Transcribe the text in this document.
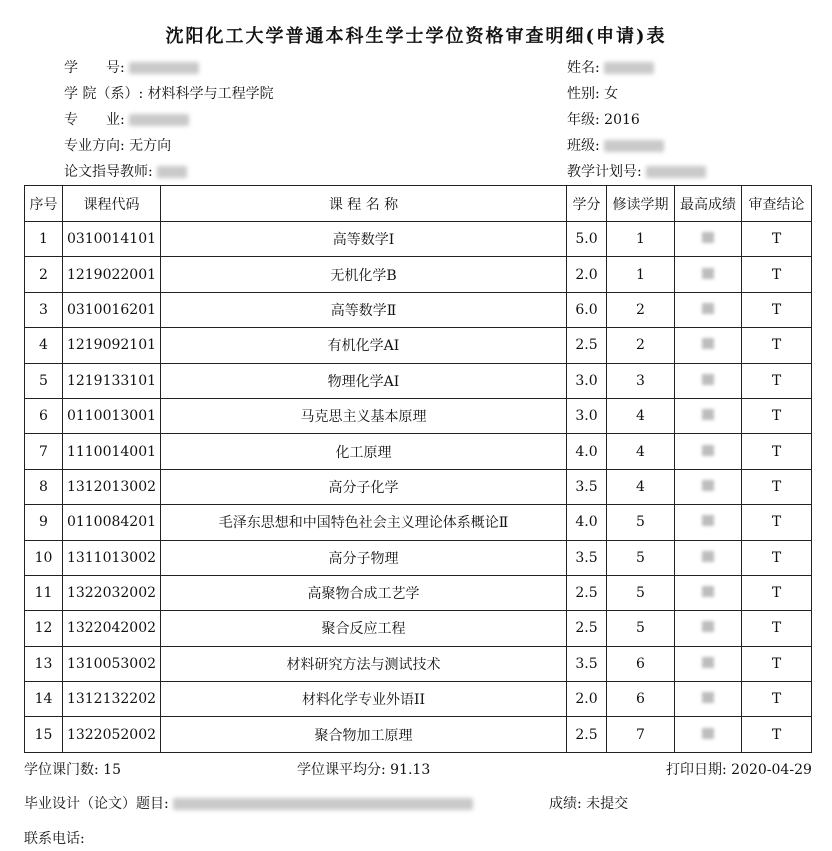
沈阳化工大学普通本科生学士学位资格审查明细(申请)表
学　　号:
学 院（系）: 材料科学与工程学院
专　　业:
专业方向: 无方向
论文指导教师:
姓名:
性别: 女
年级: 2016
班级:
教学计划号:
序号	课程代码	课 程 名 称	学分	修读学期	最高成绩	审查结论
1	0310014101	高等数学Ⅰ	5.0	1		T
2	1219022001	无机化学B	2.0	1		T
3	0310016201	高等数学Ⅱ	6.0	2		T
4	1219092101	有机化学AI	2.5	2		T
5	1219133101	物理化学AI	3.0	3		T
6	0110013001	马克思主义基本原理	3.0	4		T
7	1110014001	化工原理	4.0	4		T
8	1312013002	高分子化学	3.5	4		T
9	0110084201	毛泽东思想和中国特色社会主义理论体系概论Ⅱ	4.0	5		T
10	1311013002	高分子物理	3.5	5		T
11	1322032002	高聚物合成工艺学	2.5	5		T
12	1322042002	聚合反应工程	2.5	5		T
13	1310053002	材料研究方法与测试技术	3.5	6		T
14	1312132202	材料化学专业外语II	2.0	6		T
15	1322052002	聚合物加工原理	2.5	7		T
学位课门数: 15	学位课平均分: 91.13	打印日期: 2020-04-29
毕业设计（论文）题目:	成绩: 未提交
联系电话:
